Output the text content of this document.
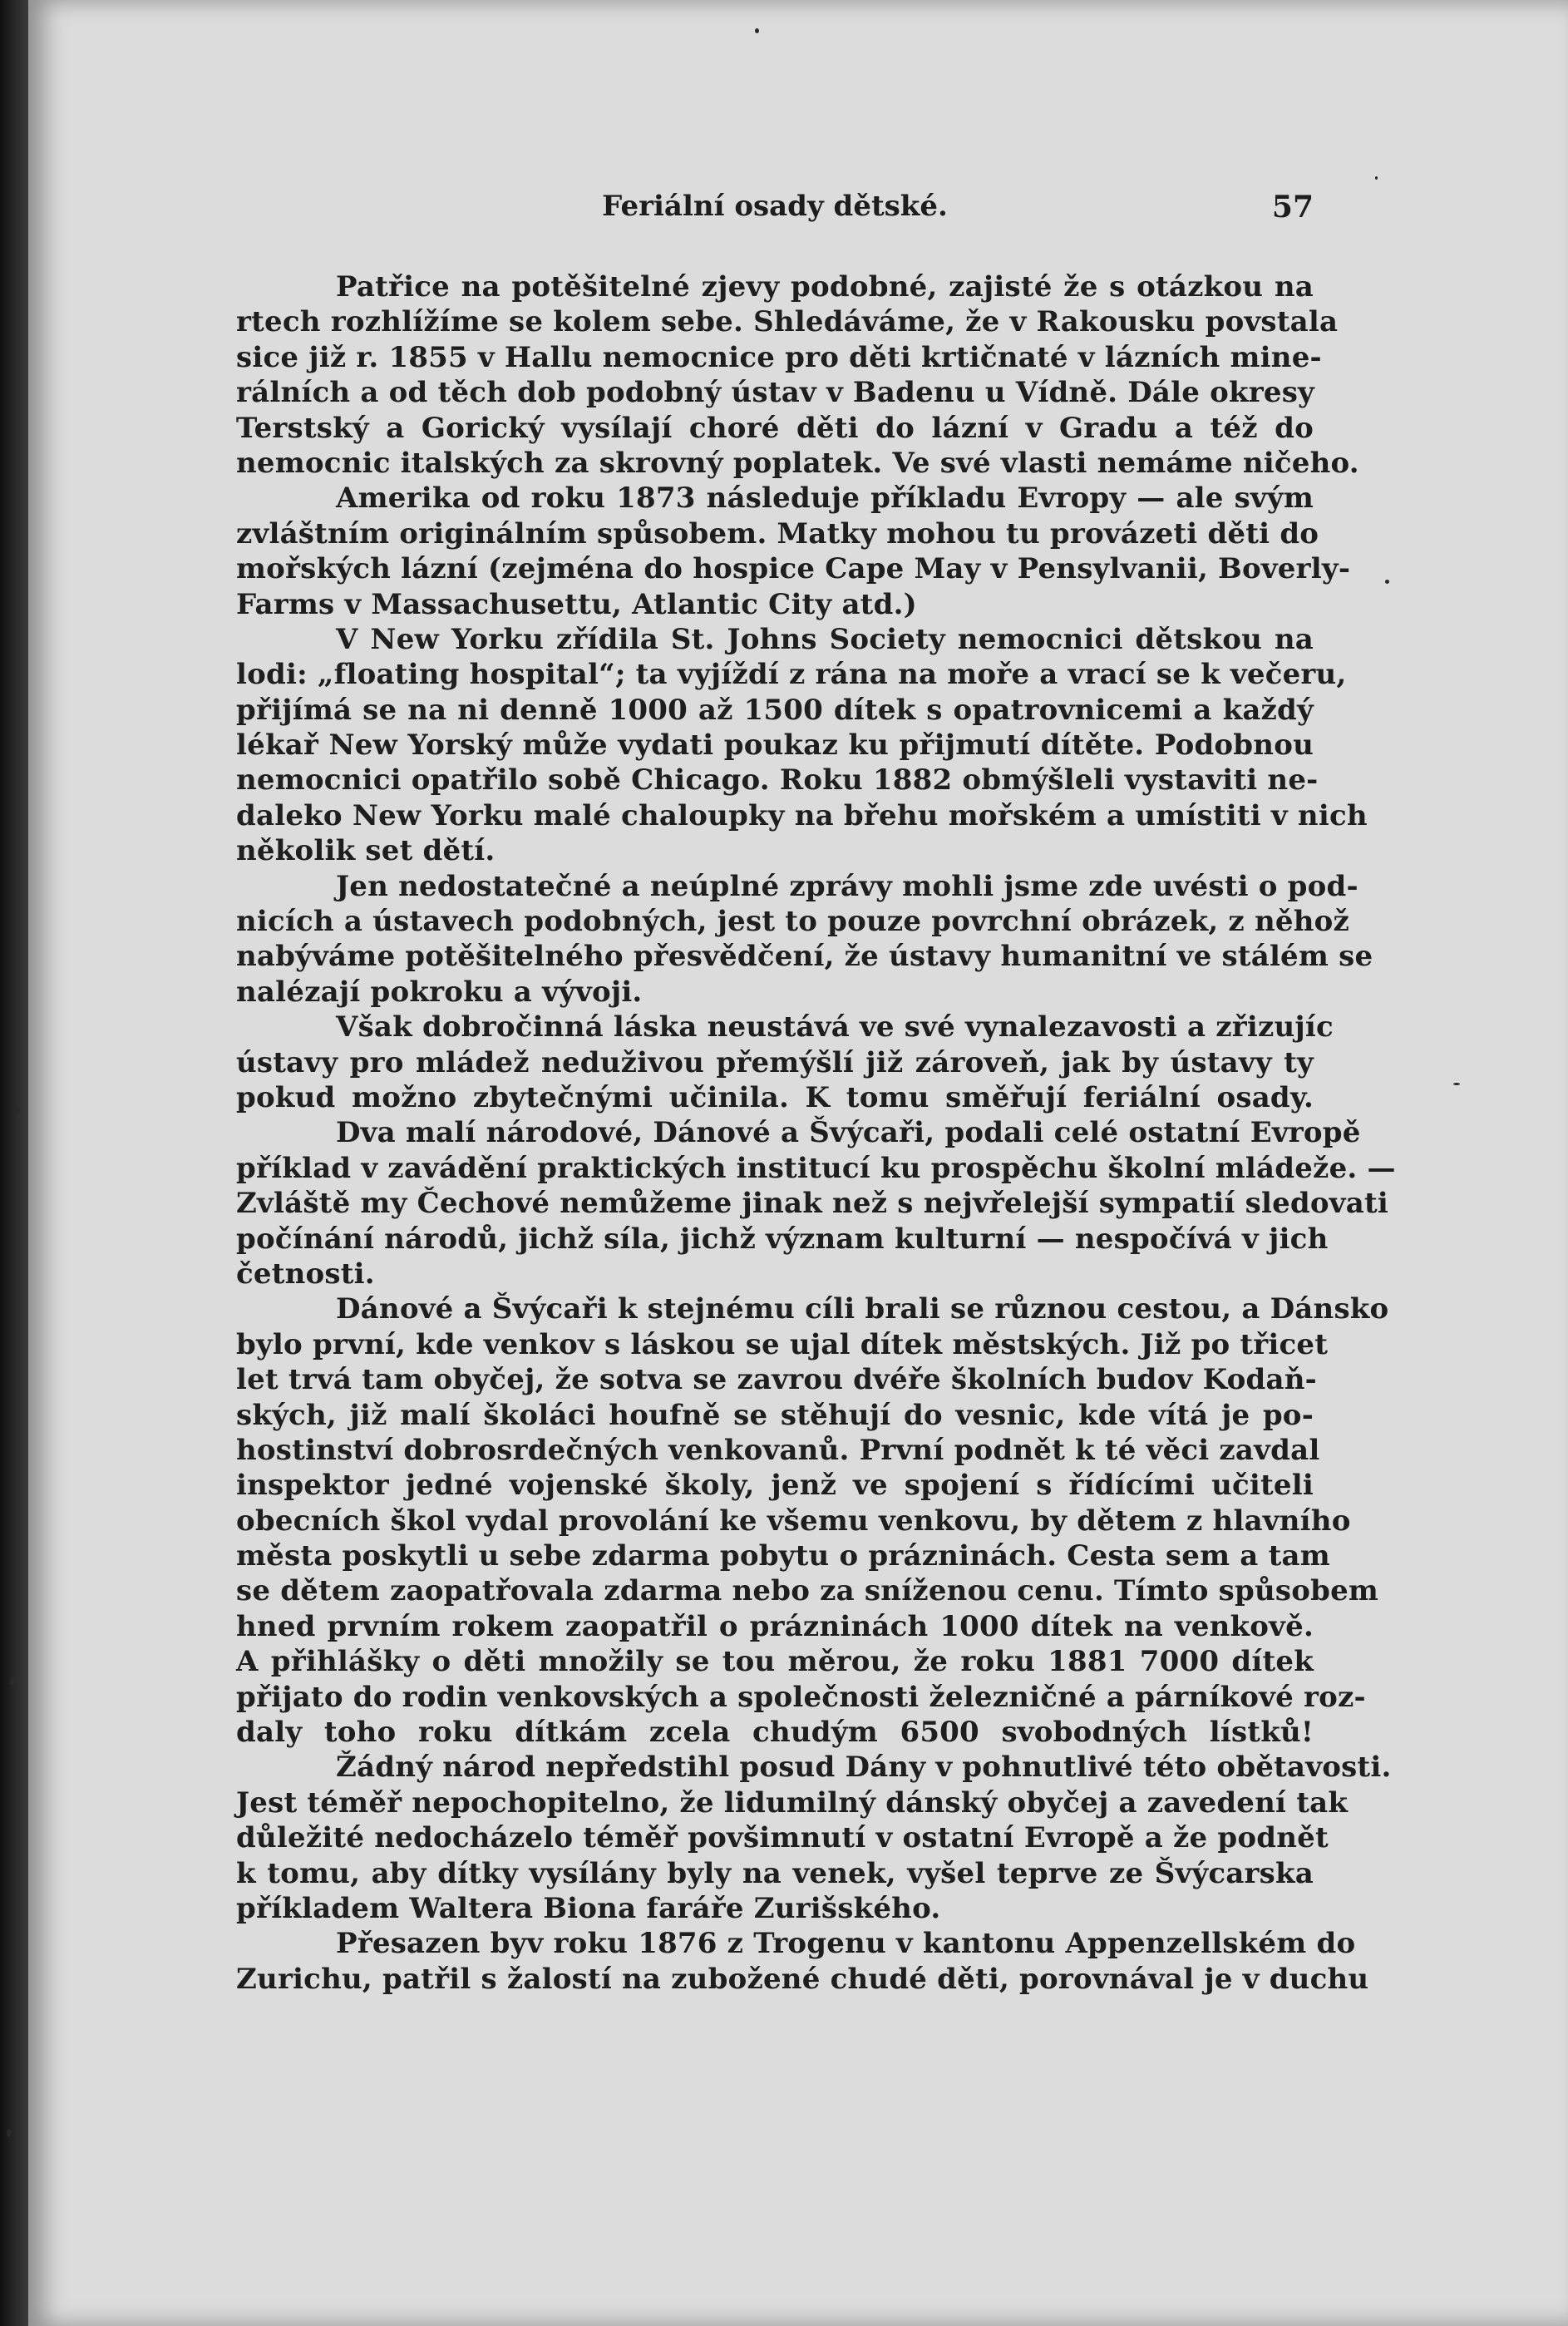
Feriální osady dětské.	57
Patřice na potěšitelné zjevy podobné, zajisté že s otázkou na
rtech rozhlížíme se kolem sebe. Shledáváme, že v Rakousku povstala
sice již r. 1855 v Hallu nemocnice pro děti krtičnaté v lázních mine-
rálních a od těch dob podobný ústav v Badenu u Vídně. Dále okresy
Terstský a Gorický vysílají choré děti do lázní v Gradu a též do
nemocnic italských za skrovný poplatek. Ve své vlasti nemáme ničeho.
Amerika od roku 1873 následuje příkladu Evropy — ale svým
zvláštním originálním spůsobem. Matky mohou tu provázeti děti do
mořských lázní (zejména do hospice Cape May v Pensylvanii, Boverly-
Farms v Massachusettu, Atlantic City atd.)
V New Yorku zřídila St. Johns Society nemocnici dětskou na
lodi: „floating hospital“; ta vyjíždí z rána na moře a vrací se k večeru,
přijímá se na ni denně 1000 až 1500 dítek s opatrovnicemi a každý
lékař New Yorský může vydati poukaz ku přijmutí dítěte. Podobnou
nemocnici opatřilo sobě Chicago. Roku 1882 obmýšleli vystaviti ne-
daleko New Yorku malé chaloupky na břehu mořském a umístiti v nich
několik set dětí.
Jen nedostatečné a neúplné zprávy mohli jsme zde uvésti o pod-
nicích a ústavech podobných, jest to pouze povrchní obrázek, z něhož
nabýváme potěšitelného přesvědčení, že ústavy humanitní ve stálém se
nalézají pokroku a vývoji.
Však dobročinná láska neustává ve své vynalezavosti a zřizujíc
ústavy pro mládež neduživou přemýšlí již zároveň, jak by ústavy ty
pokud možno zbytečnými učinila. K tomu směřují feriální osady.
Dva malí národové, Dánové a Švýcaři, podali celé ostatní Evropě
příklad v zavádění praktických institucí ku prospěchu školní mládeže. —
Zvláště my Čechové nemůžeme jinak než s nejvřelejší sympatií sledovati
počínání národů, jichž síla, jichž význam kulturní — nespočívá v jich
četnosti.
Dánové a Švýcaři k stejnému cíli brali se různou cestou, a Dánsko
bylo první, kde venkov s láskou se ujal dítek městských. Již po třicet
let trvá tam obyčej, že sotva se zavrou dvéře školních budov Kodaň-
ských, již malí školáci houfně se stěhují do vesnic, kde vítá je po-
hostinství dobrosrdečných venkovanů. První podnět k té věci zavdal
inspektor jedné vojenské školy, jenž ve spojení s řídícími učiteli
obecních škol vydal provolání ke všemu venkovu, by dětem z hlavního
města poskytli u sebe zdarma pobytu o prázninách. Cesta sem a tam
se dětem zaopatřovala zdarma nebo za sníženou cenu. Tímto spůsobem
hned prvním rokem zaopatřil o prázninách 1000 dítek na venkově.
A přihlášky o děti množily se tou měrou, že roku 1881 7000 dítek
přijato do rodin venkovských a společnosti železničné a párníkové roz-
daly toho roku dítkám zcela chudým 6500 svobodných lístků!
Žádný národ nepředstihl posud Dány v pohnutlivé této obětavosti.
Jest téměř nepochopitelno, že lidumilný dánský obyčej a zavedení tak
důležité nedocházelo téměř povšimnutí v ostatní Evropě a že podnět
k tomu, aby dítky vysílány byly na venek, vyšel teprve ze Švýcarska
příkladem Waltera Biona faráře Zurišského.
Přesazen byv roku 1876 z Trogenu v kantonu Appenzellském do
Zurichu, patřil s žalostí na zubožené chudé děti, porovnával je v duchu
